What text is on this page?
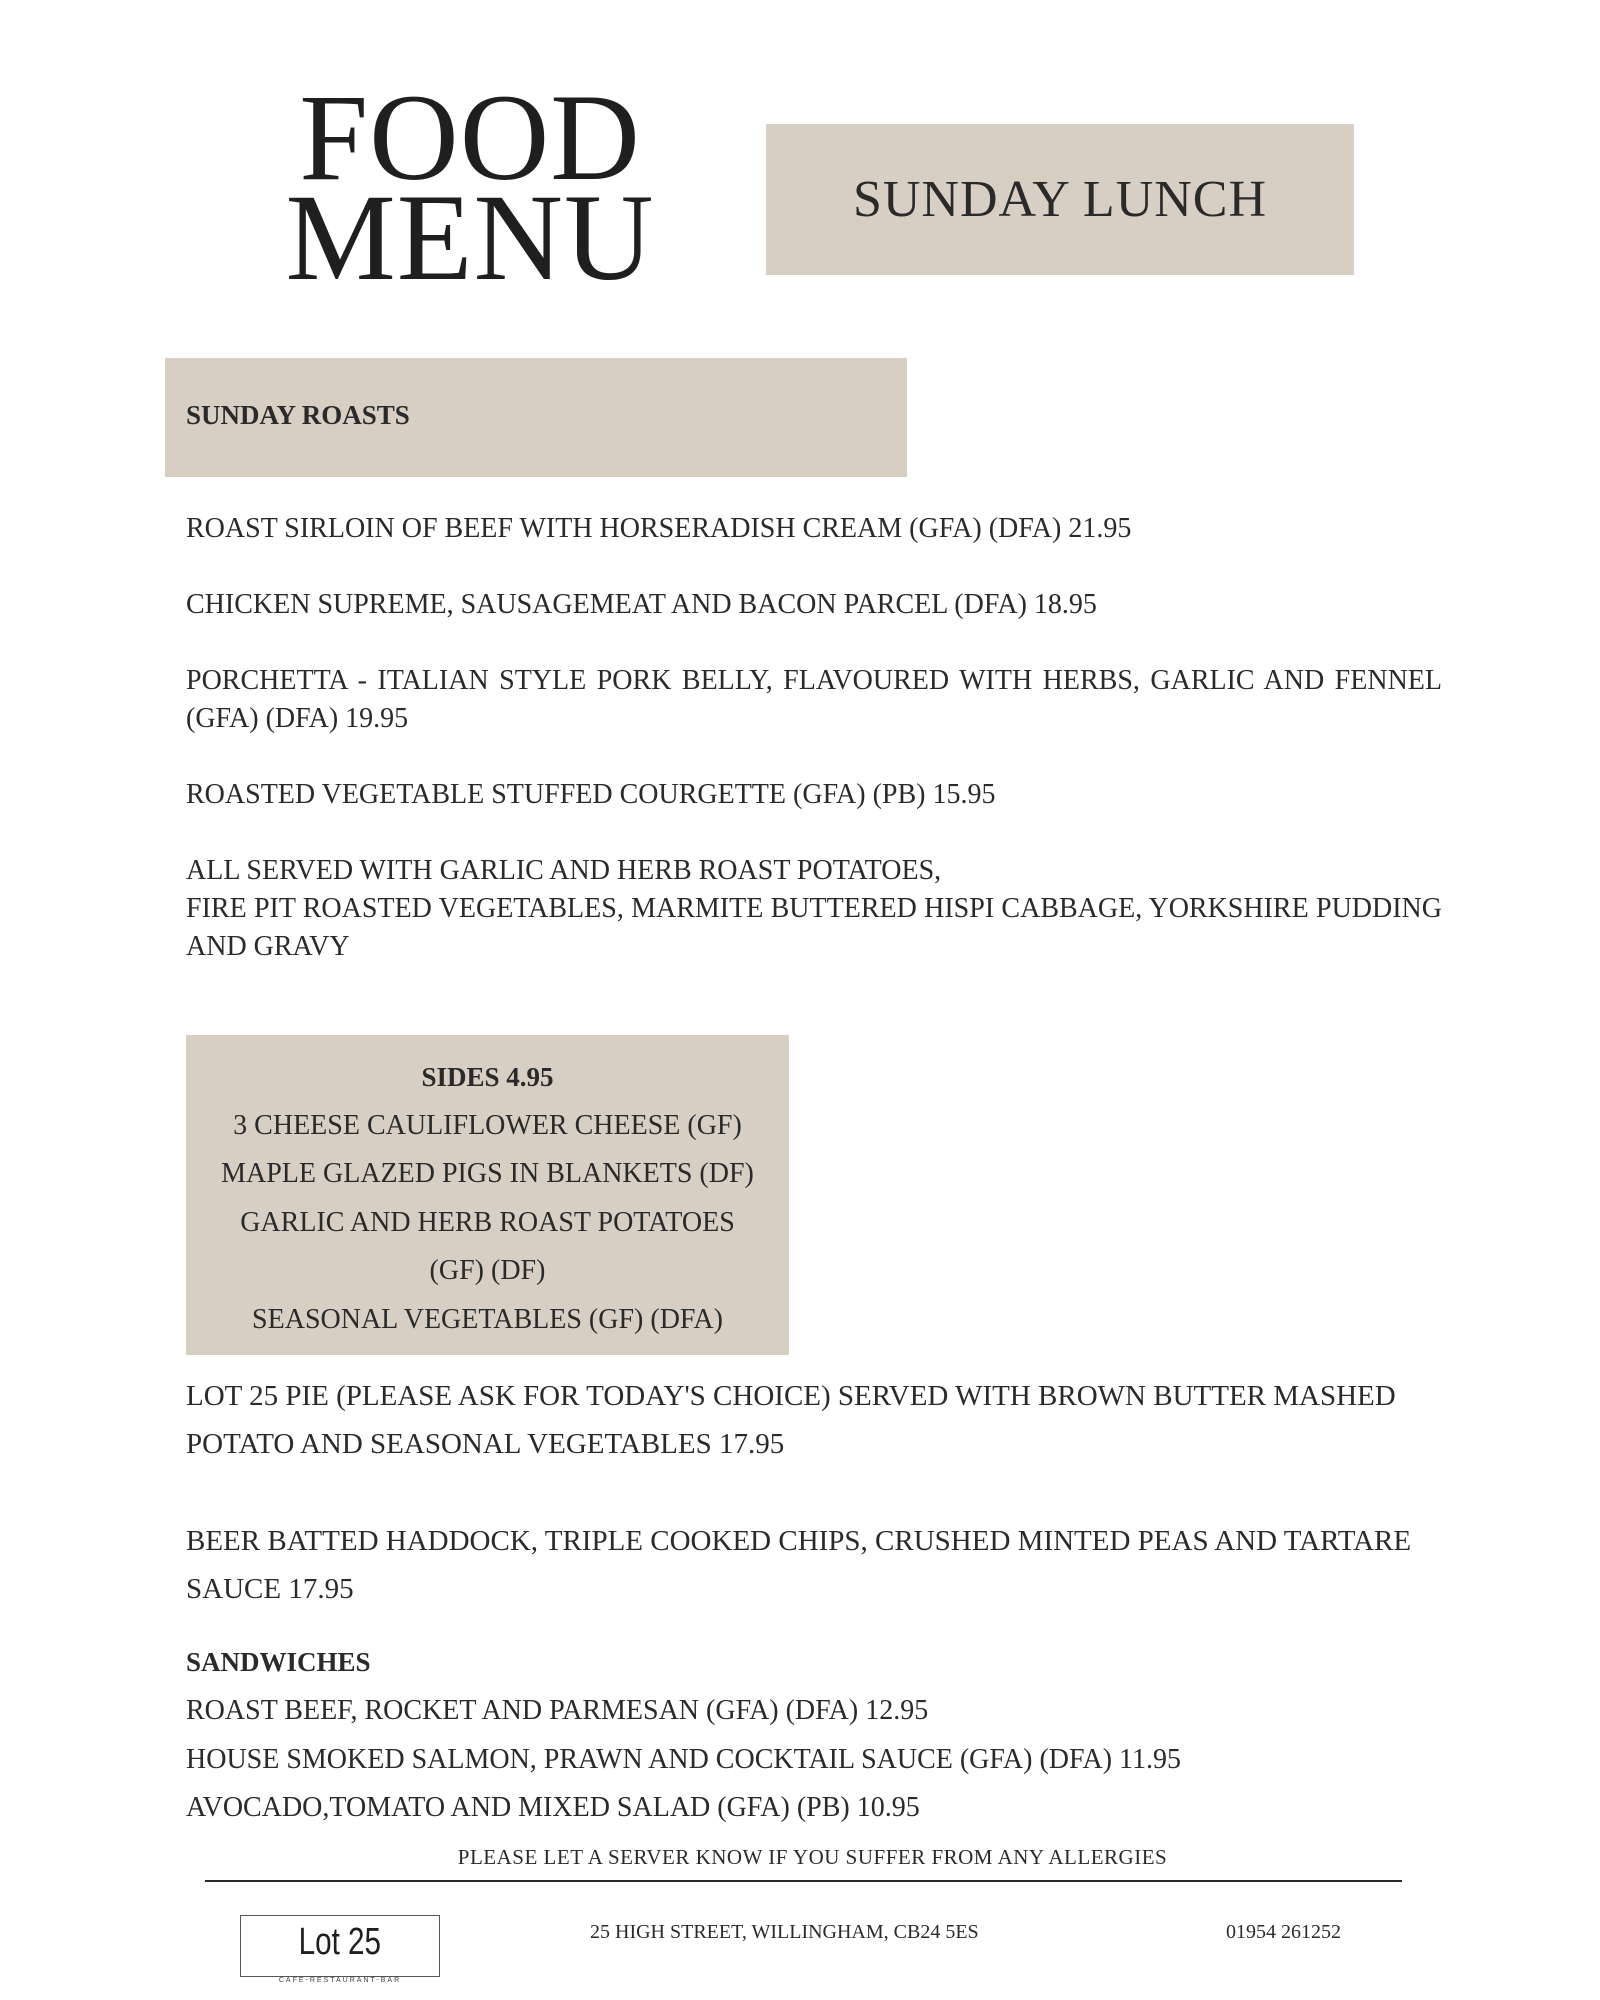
FOOD
MENU	SUNDAY LUNCH
SUNDAY ROASTS
ROAST SIRLOIN OF BEEF WITH HORSERADISH CREAM (GFA) (DFA) 21.95
CHICKEN SUPREME, SAUSAGEMEAT AND BACON PARCEL (DFA) 18.95
PORCHETTA - ITALIAN STYLE PORK BELLY, FLAVOURED WITH HERBS, GARLIC AND FENNEL (GFA) (DFA) 19.95
ROASTED VEGETABLE STUFFED COURGETTE (GFA) (PB) 15.95
ALL SERVED WITH GARLIC AND HERB ROAST POTATOES,
FIRE PIT ROASTED VEGETABLES, MARMITE BUTTERED HISPI CABBAGE, YORKSHIRE PUDDING AND GRAVY
SIDES 4.95
3 CHEESE CAULIFLOWER CHEESE (GF)
MAPLE GLAZED PIGS IN BLANKETS (DF)
GARLIC AND HERB ROAST POTATOES
(GF) (DF)
SEASONAL VEGETABLES (GF) (DFA)
LOT 25 PIE (PLEASE ASK FOR TODAY'S CHOICE) SERVED WITH BROWN BUTTER MASHED POTATO AND SEASONAL VEGETABLES 17.95
BEER BATTED HADDOCK, TRIPLE COOKED CHIPS, CRUSHED MINTED PEAS AND TARTARE SAUCE 17.95
SANDWICHES
ROAST BEEF, ROCKET AND PARMESAN (GFA) (DFA) 12.95
HOUSE SMOKED SALMON, PRAWN AND COCKTAIL SAUCE (GFA) (DFA) 11.95
AVOCADO,TOMATO AND MIXED SALAD (GFA) (PB) 10.95
PLEASE LET A SERVER KNOW IF YOU SUFFER FROM ANY ALLERGIES
Lot 25
CAFE-RESTAURANT-BAR
25 HIGH STREET, WILLINGHAM, CB24 5ES	01954 261252
